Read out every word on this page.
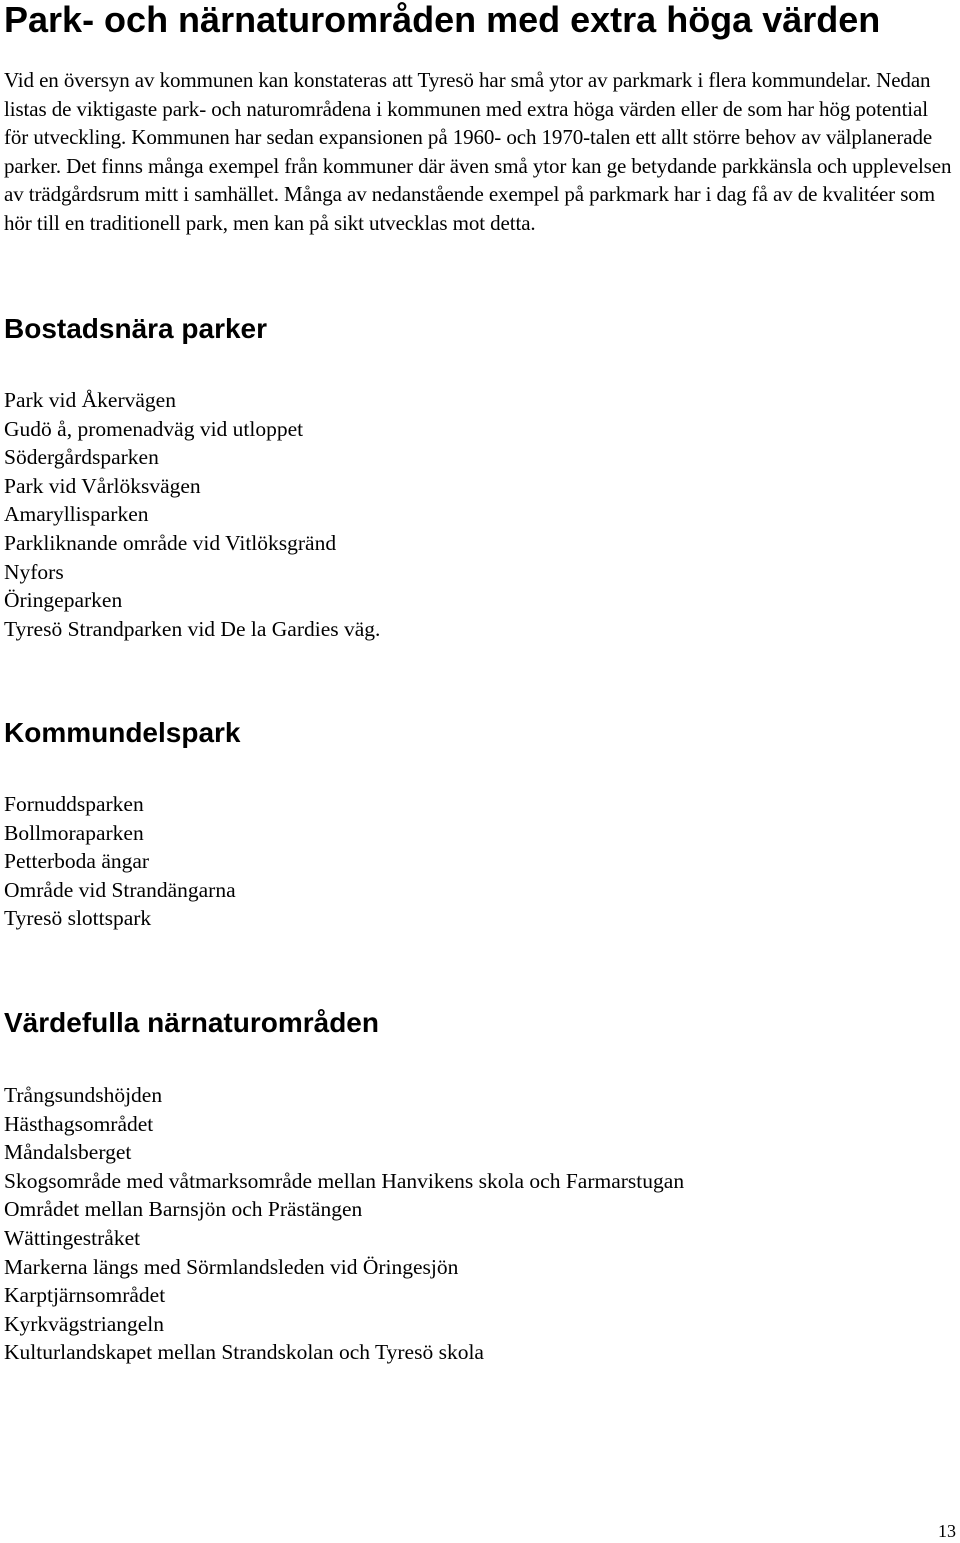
Park- och närnaturområden med extra höga värden

Vid en översyn av kommunen kan konstateras att Tyresö har små ytor av parkmark i flera kommundelar. Nedan listas de viktigaste park- och naturområdena i kommunen med extra höga värden eller de som har hög potential för utveckling. Kommunen har sedan expansionen på 1960- och 1970-talen ett allt större behov av välplanerade parker. Det finns många exempel från kommuner där även små ytor kan ge betydande parkkänsla och upplevelsen av trädgårdsrum mitt i samhället. Många av nedanstående exempel på parkmark har i dag få av de kvalitéer som hör till en traditionell park, men kan på sikt utvecklas mot detta.

Bostadsnära parker
Park vid Åkervägen
Gudö å, promenadväg vid utloppet
Södergårdsparken
Park vid Vårlöksvägen
Amaryllisparken
Parkliknande område vid Vitlöksgränd
Nyfors
Öringeparken
Tyresö Strandparken vid De la Gardies väg.
Kommundelspark
Fornuddsparken
Bollmoraparken
Petterboda ängar
Område vid Strandängarna
Tyresö slottspark
Värdefulla närnaturområden
Trångsundshöjden
Hästhagsområdet
Måndalsberget
Skogsområde med våtmarksområde mellan Hanvikens skola och Farmarstugan
Området mellan Barnsjön och Prästängen
Wättingestråket
Markerna längs med Sörmlandsleden vid Öringesjön
Karptjärnsområdet
Kyrkvägstriangeln
Kulturlandskapet mellan Strandskolan och Tyresö skola
13
